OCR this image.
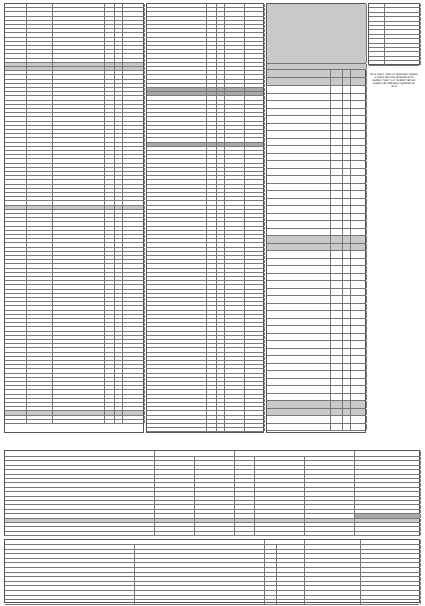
Si es mayor "Valor en declarado" registre lo menor del resto declarado en el casillero "valor" y el "recibido" del otro casillero del calendario registrado en otros
